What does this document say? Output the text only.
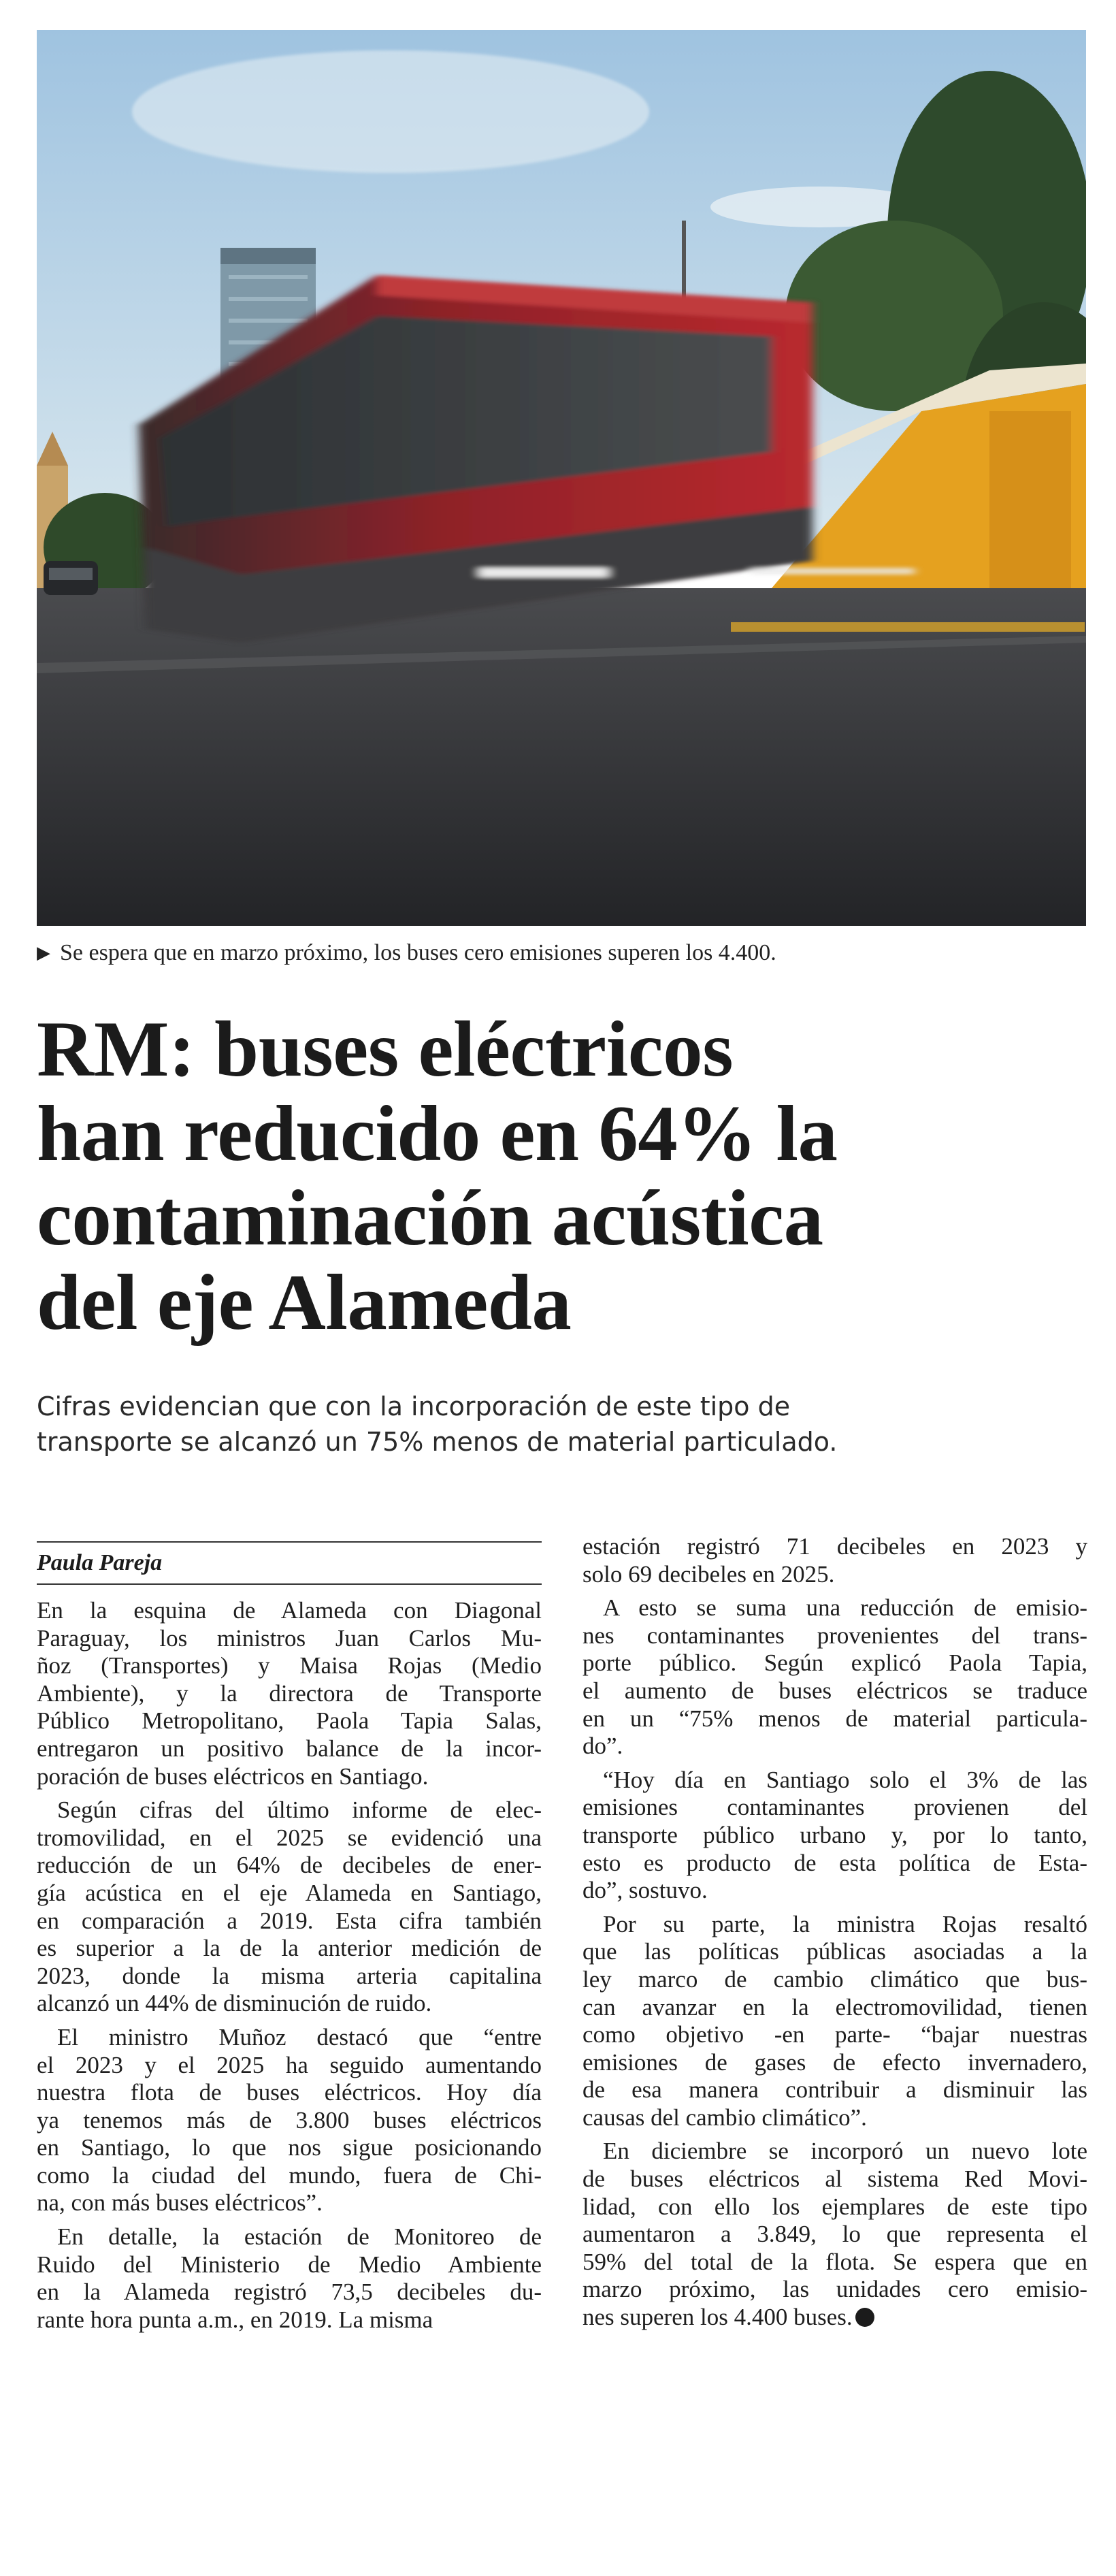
▶ Se espera que en marzo próximo, los buses cero emisiones superen los 4.400.
RM: buses eléctricos
han reducido en 64% la
contaminación acústica
del eje Alameda
Cifras evidencian que con la incorporación de este tipo de
transporte se alcanzó un 75% menos de material particulado.
Paula Pareja
En la esquina de Alameda con Diagonal
Paraguay, los ministros Juan Carlos Mu-
ñoz (Transportes) y Maisa Rojas (Medio
Ambiente), y la directora de Transporte
Público Metropolitano, Paola Tapia Salas,
entregaron un positivo balance de la incor-
poración de buses eléctricos en Santiago.
Según cifras del último informe de elec-
tromovilidad, en el 2025 se evidenció una
reducción de un 64% de decibeles de ener-
gía acústica en el eje Alameda en Santiago,
en comparación a 2019. Esta cifra también
es superior a la de la anterior medición de
2023, donde la misma arteria capitalina
alcanzó un 44% de disminución de ruido.
El ministro Muñoz destacó que “entre
el 2023 y el 2025 ha seguido aumentando
nuestra flota de buses eléctricos. Hoy día
ya tenemos más de 3.800 buses eléctricos
en Santiago, lo que nos sigue posicionando
como la ciudad del mundo, fuera de Chi-
na, con más buses eléctricos”.
En detalle, la estación de Monitoreo de
Ruido del Ministerio de Medio Ambiente
en la Alameda registró 73,5 decibeles du-
rante hora punta a.m., en 2019. La misma
estación registró 71 decibeles en 2023 y
solo 69 decibeles en 2025.
A esto se suma una reducción de emisio-
nes contaminantes provenientes del trans-
porte público. Según explicó Paola Tapia,
el aumento de buses eléctricos se traduce
en un “75% menos de material particula-
do”.
“Hoy día en Santiago solo el 3% de las
emisiones contaminantes provienen del
transporte público urbano y, por lo tanto,
esto es producto de esta política de Esta-
do”, sostuvo.
Por su parte, la ministra Rojas resaltó
que las políticas públicas asociadas a la
ley marco de cambio climático que bus-
can avanzar en la electromovilidad, tienen
como objetivo -en parte- “bajar nuestras
emisiones de gases de efecto invernadero,
de esa manera contribuir a disminuir las
causas del cambio climático”.
En diciembre se incorporó un nuevo lote
de buses eléctricos al sistema Red Movi-
lidad, con ello los ejemplares de este tipo
aumentaron a 3.849, lo que representa el
59% del total de la flota. Se espera que en
marzo próximo, las unidades cero emisio-
nes superen los 4.400 buses.
